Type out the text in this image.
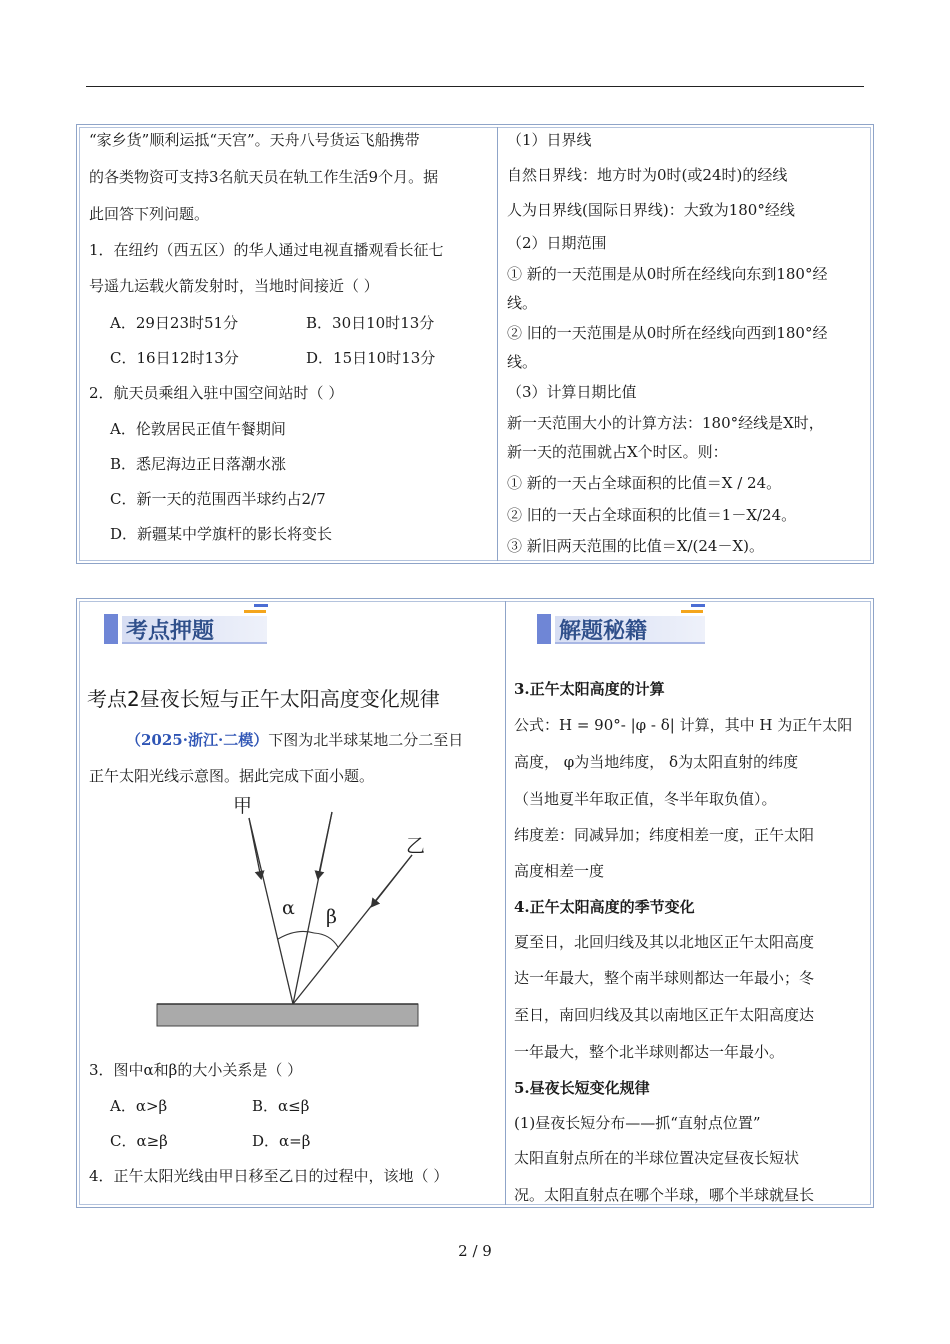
“家乡货”顺利运抵“天宫”。天舟八号货运飞船携带
的各类物资可支持3名航天员在轨工作生活9个月。据
此回答下列问题。
1．在纽约（西五区）的华人通过电视直播观看长征七
号遥九运载火箭发射时，当地时间接近（ ）
A．29日23时51分	B．30日10时13分
C．16日12时13分	D．15日10时13分
2．航天员乘组入驻中国空间站时（ ）
A．伦敦居民正值午餐期间
B．悉尼海边正日落潮水涨
C．新一天的范围西半球约占2/7
D．新疆某中学旗杆的影长将变长
（1）日界线
自然日界线：地方时为0时(或24时)的经线
人为日界线(国际日界线)：大致为180°经线
（2）日期范围
① 新的一天范围是从0时所在经线向东到180°经
线。
② 旧的一天范围是从0时所在经线向西到180°经
线。
（3）计算日期比值
新一天范围大小的计算方法：180°经线是X时，
新一天的范围就占X个时区。则：
① 新的一天占全球面积的比值＝X / 24。
② 旧的一天占全球面积的比值＝1－X/24。
③ 新旧两天范围的比值＝X/(24－X)。
考点押题	解题秘籍
考点2昼夜长短与正午太阳高度变化规律
（2025·浙江·二模）下图为北半球某地二分二至日
正午太阳光线示意图。据此完成下面小题。
甲
乙
α β
3．图中α和β的大小关系是（ ）
A．α>β	B．α≤β
C．α≥β	D．α=β
4．正午太阳光线由甲日移至乙日的过程中，该地（ ）
3.正午太阳高度的计算
公式：H = 90°- |φ - δ| 计算，其中 H 为正午太阳
高度， φ为当地纬度， δ为太阳直射的纬度
（当地夏半年取正值，冬半年取负值）。
纬度差：同减异加；纬度相差一度，正午太阳
高度相差一度
4.正午太阳高度的季节变化
夏至日，北回归线及其以北地区正午太阳高度
达一年最大，整个南半球则都达一年最小；冬
至日，南回归线及其以南地区正午太阳高度达
一年最大，整个北半球则都达一年最小。
5.昼夜长短变化规律
(1)昼夜长短分布——抓“直射点位置”
太阳直射点所在的半球位置决定昼夜长短状
况。太阳直射点在哪个半球，哪个半球就昼长
2 / 9
